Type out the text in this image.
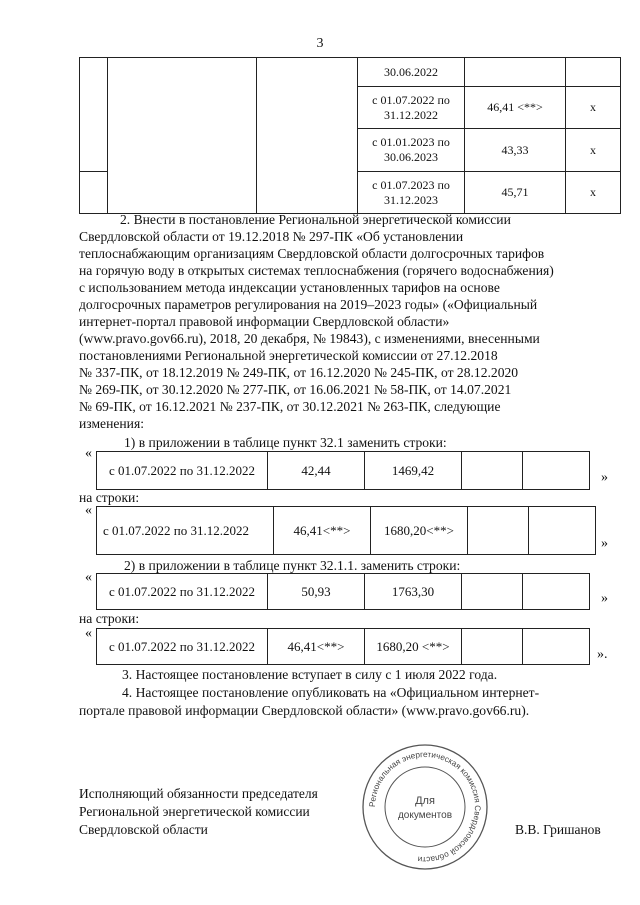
3
			30.06.2022		
			с 01.07.2022 по 31.12.2022	46,41 <**>	х
			с 01.01.2023 по 30.06.2023	43,33	х
			с 01.07.2023 по 31.12.2023	45,71	х
2. Внести в постановление Региональной энергетической комиссии
Свердловской области от 19.12.2018 № 297-ПК «Об установлении
теплоснабжающим организациям Свердловской области долгосрочных тарифов
на горячую воду в открытых системах теплоснабжения (горячего водоснабжения)
с использованием метода индексации установленных тарифов на основе
долгосрочных параметров регулирования на 2019–2023 годы» («Официальный
интернет-портал правовой информации Свердловской области»
(www.pravo.gov66.ru), 2018, 20 декабря, № 19843), с изменениями, внесенными
постановлениями Региональной энергетической комиссии от 27.12.2018
№ 337-ПК, от 18.12.2019 № 249-ПК, от 16.12.2020 № 245-ПК, от 28.12.2020
№ 269-ПК, от 30.12.2020 № 277-ПК, от 16.06.2021 № 58-ПК, от 14.07.2021
№ 69-ПК, от 16.12.2021 № 237-ПК, от 30.12.2021 № 263-ПК, следующие
изменения:
1) в приложении в таблице пункт 32.1 заменить строки:
«
с 01.07.2022 по 31.12.2022	42,44	1469,42			»
на строки:
«
с 01.07.2022 по 31.12.2022	46,41<**>	1680,20<**>		
»
2) в приложении в таблице пункт 32.1.1. заменить строки:
«
с 01.07.2022 по 31.12.2022	50,93	1763,30			»
на строки:
«
с 01.07.2022 по 31.12.2022	46,41<**>	1680,20 <**>		
».
3. Настоящее постановление вступает в силу с 1 июля 2022 года.
4. Настоящее постановление опубликовать на «Официальном интернет-
портале правовой информации Свердловской области» (www.pravo.gov66.ru).
Исполняющий обязанности председателя
Региональной энергетической комиссии
Свердловской области	В.В. Гришанов
Региональная энергетическая комиссия Свердловской области
Для
документов
